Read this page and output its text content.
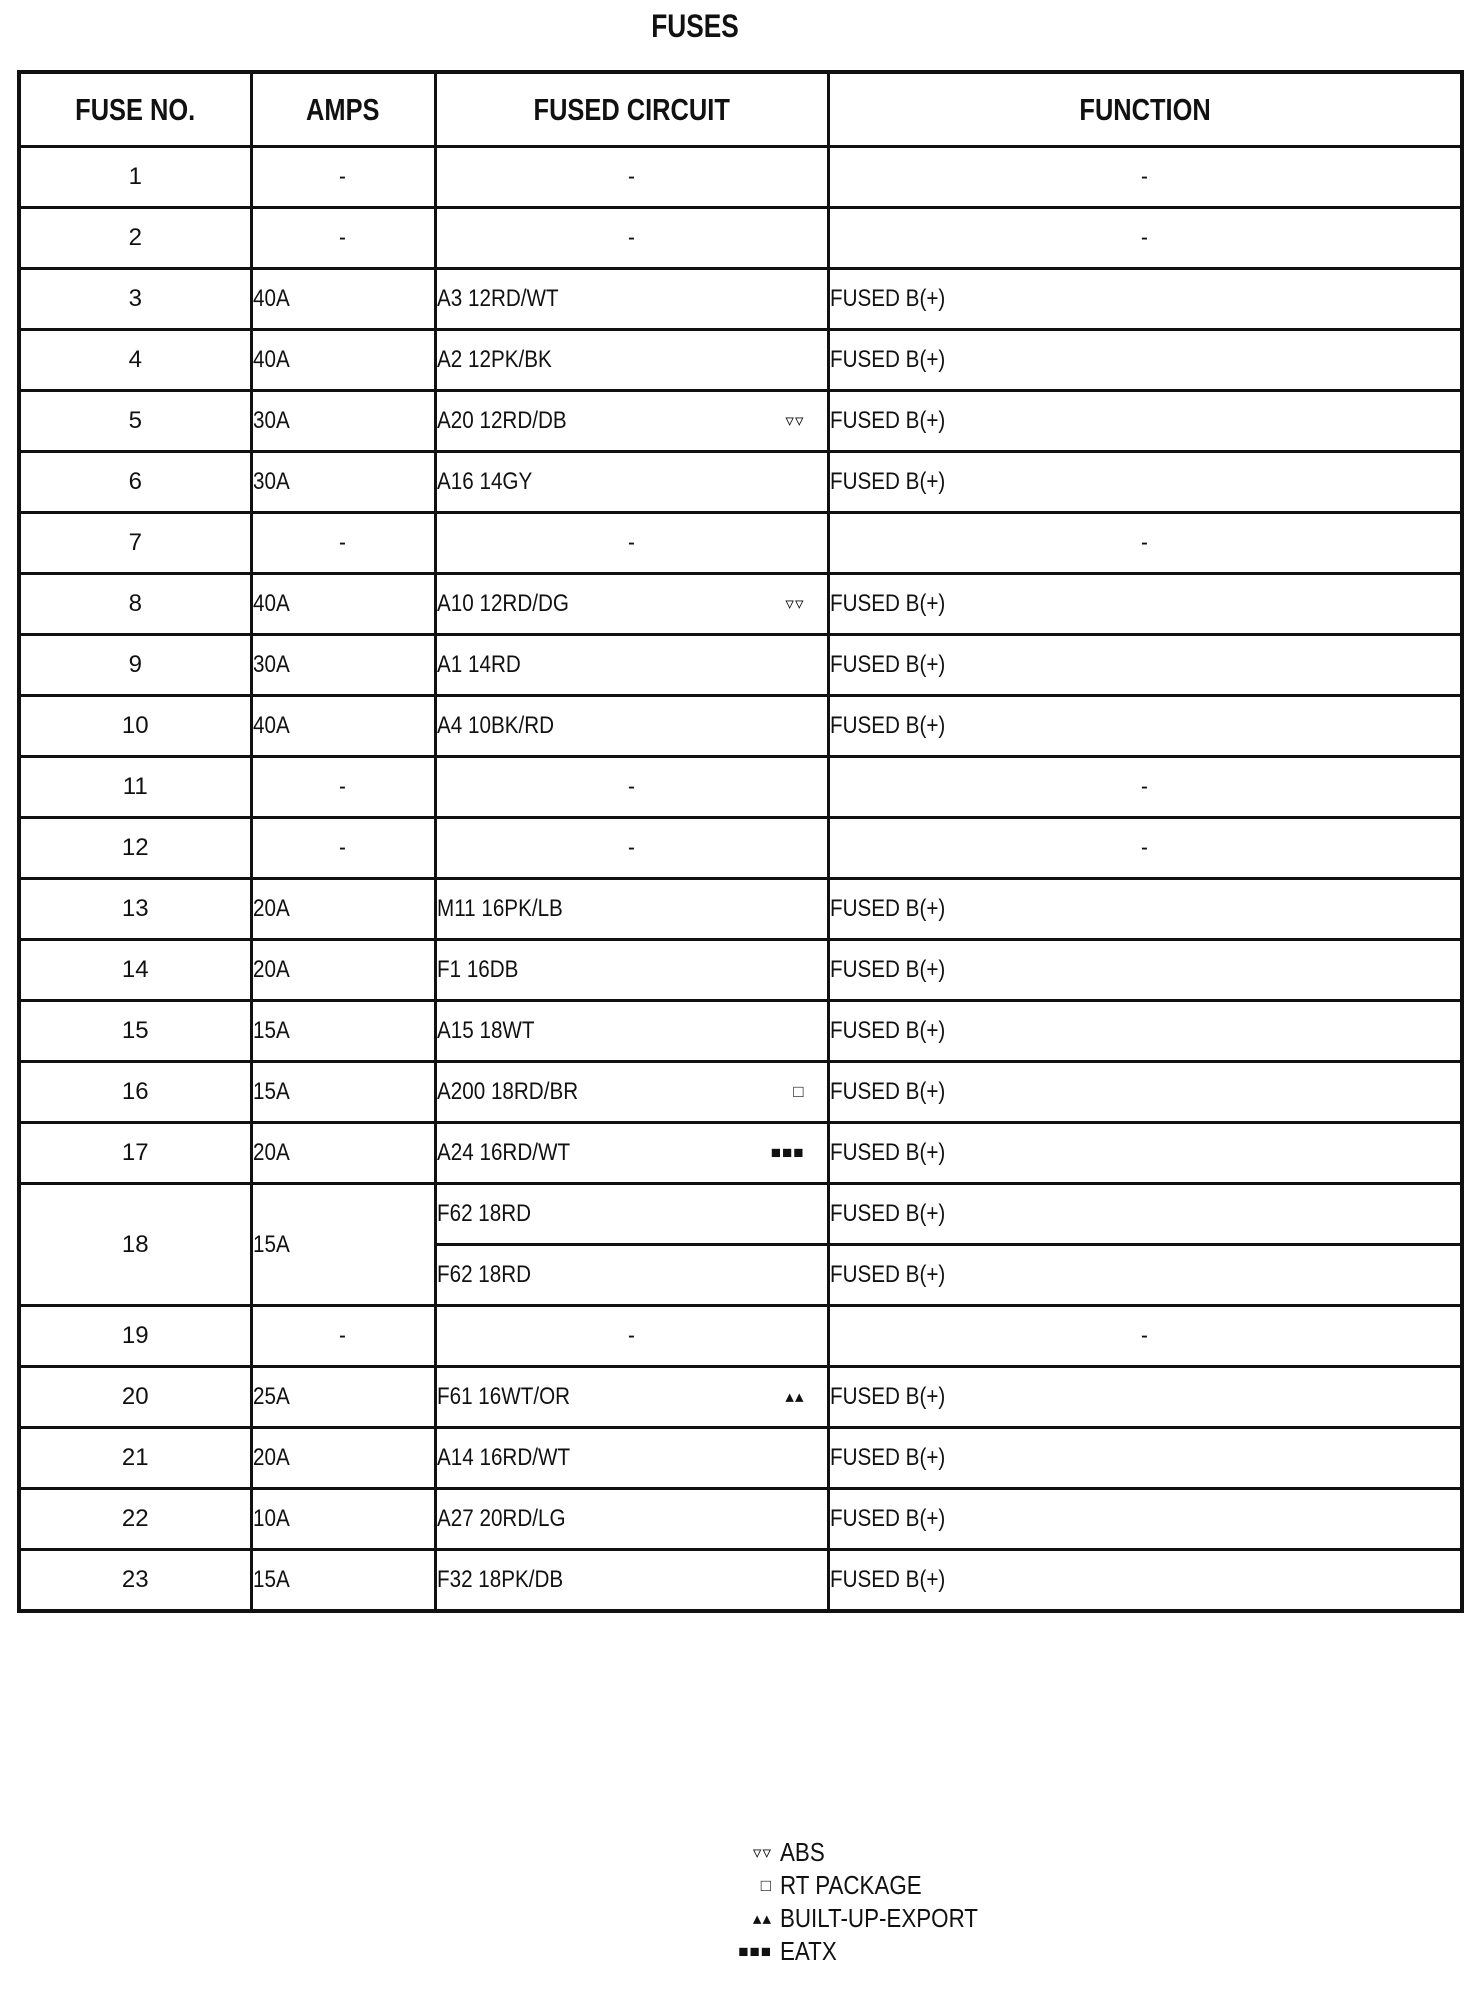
FUSES
FUSE NO.	AMPS	FUSED CIRCUIT	FUNCTION
1	-	-	-
2	-	-	-
3	40A	A3 12RD/WT	FUSED B(+)
4	40A	A2 12PK/BK	FUSED B(+)
5	30A	A20 12RD/DB ▿▿	FUSED B(+)
6	30A	A16 14GY	FUSED B(+)
7	-	-	-
8	40A	A10 12RD/DG ▿▿	FUSED B(+)
9	30A	A1 14RD	FUSED B(+)
10	40A	A4 10BK/RD	FUSED B(+)
11	-	-	-
12	-	-	-
13	20A	M11 16PK/LB	FUSED B(+)
14	20A	F1 16DB	FUSED B(+)
15	15A	A15 18WT	FUSED B(+)
16	15A	A200 18RD/BR □	FUSED B(+)
17	20A	A24 16RD/WT ■■■	FUSED B(+)
18	15A	F62 18RD	FUSED B(+)
		F62 18RD	FUSED B(+)
19	-	-	-
20	25A	F61 16WT/OR ▴▴	FUSED B(+)
21	20A	A14 16RD/WT	FUSED B(+)
22	10A	A27 20RD/LG	FUSED B(+)
23	15A	F32 18PK/DB	FUSED B(+)
▿▿ ABS
□ RT PACKAGE
▴▴ BUILT-UP-EXPORT
■■■ EATX
